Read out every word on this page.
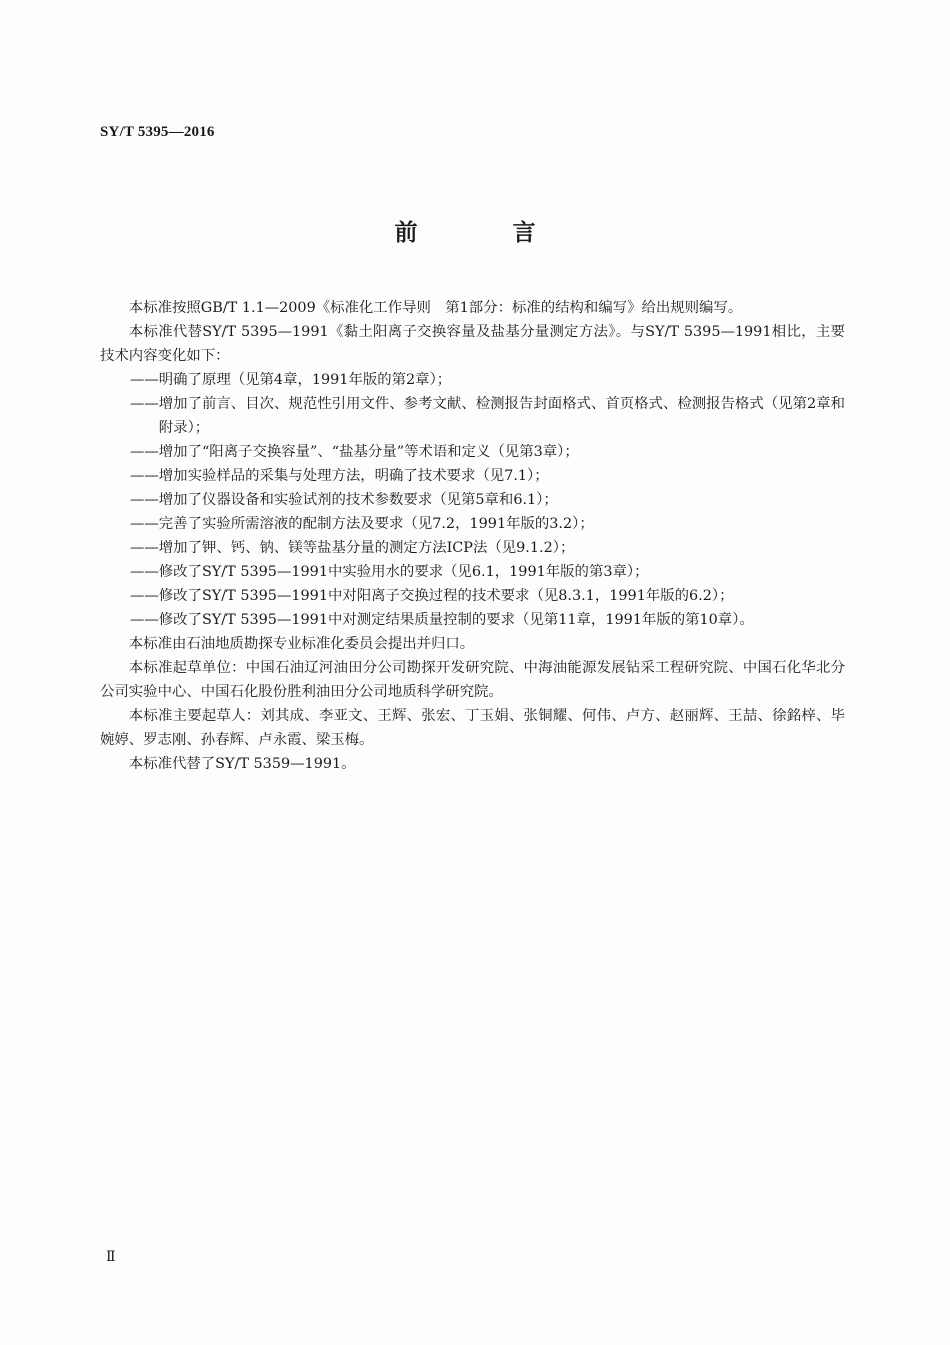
SY/T 5395—2016
前　言

本标准按照GB/T 1.1—2009《标准化工作导则　第1部分：标准的结构和编写》给出规则编写。

本标准代替SY/T 5395—1991《黏土阳离子交换容量及盐基分量测定方法》。与SY/T 5395—1991相比，主要技术内容变化如下：

—— 明确了原理（见第4章，1991年版的第2章）；
—— 增加了前言、目次、规范性引用文件、参考文献、检测报告封面格式、首页格式、检测报告格式（见第2章和附录）；
—— 增加了“阳离子交换容量”、“盐基分量”等术语和定义（见第3章）；
—— 增加实验样品的采集与处理方法，明确了技术要求（见7.1）；
—— 增加了仪器设备和实验试剂的技术参数要求（见第5章和6.1）；
—— 完善了实验所需溶液的配制方法及要求（见7.2，1991年版的3.2）；
—— 增加了钾、钙、钠、镁等盐基分量的测定方法ICP法（见9.1.2）；
—— 修改了SY/T 5395—1991中实验用水的要求（见6.1，1991年版的第3章）；
—— 修改了SY/T 5395—1991中对阳离子交换过程的技术要求（见8.3.1，1991年版的6.2）；
—— 修改了SY/T 5395—1991中对测定结果质量控制的要求（见第11章，1991年版的第10章）。

本标准由石油地质勘探专业标准化委员会提出并归口。

本标准起草单位：中国石油辽河油田分公司勘探开发研究院、中海油能源发展钻采工程研究院、中国石化华北分公司实验中心、中国石化股份胜利油田分公司地质科学研究院。

本标准主要起草人：刘其成、李亚文、王辉、张宏、丁玉娟、张铜耀、何伟、卢方、赵丽辉、王喆、徐銘梓、毕婉婷、罗志刚、孙春辉、卢永霞、梁玉梅。

本标准代替了SY/T 5359—1991。

Ⅱ
